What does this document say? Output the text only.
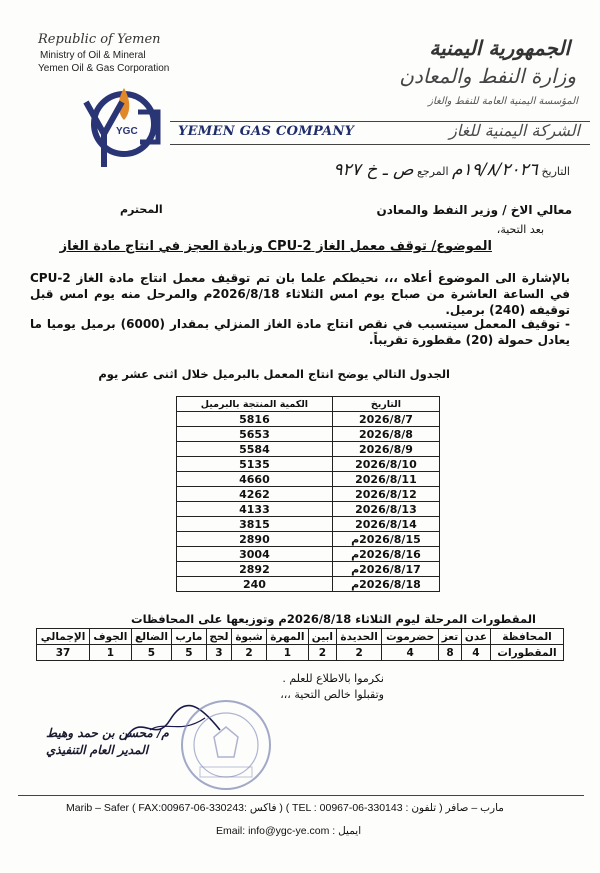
Republic of Yemen
Ministry of Oil & Mineral
Yemen Oil & Gas Corporation
YGC	YEMEN GAS COMPANY	الشركة اليمنية للغاز
الجمهورية اليمنية
وزارة النفط والمعادن
المؤسسة اليمنية العامة للنفط والغاز
التاريخ ١٩/٨/٢٠٢٦م المرجع ص ـ خ ٩٢٧
معالي الاخ / وزير النفط والمعادن
المحترم
بعد التحية،
الموضوع/ توقف معمل الغاز CPU-2 وزيادة العجز في انتاج مادة الغاز
بالإشارة الى الموضوع أعلاه ،،، نحيطكم علما بان تم توقيف معمل انتاج مادة الغاز CPU-2 في الساعة العاشرة من صباح يوم امس الثلاثاء 2026/8/18م والمرحل منه يوم امس قبل توقيفه (240) برميل.
- توقيف المعمل سيتسبب في نقص انتاج مادة الغاز المنزلي بمقدار (6000) برميل يوميا ما يعادل حمولة (20) مقطورة تقريباً.
الجدول التالي يوضح انتاج المعمل بالبرميل خلال اثنى عشر يوم
التاريخ	الكمية المنتجة بالبرميل
2026/8/7	5816
2026/8/8	5653
2026/8/9	5584
2026/8/10	5135
2026/8/11	4660
2026/8/12	4262
2026/8/13	4133
2026/8/14	3815
2026/8/15م	2890
2026/8/16م	3004
2026/8/17م	2892
2026/8/18م	240
المقطورات المرحلة ليوم الثلاثاء 2026/8/18م وتوزيعها على المحافظات
المحافظة	عدن	تعز	حضرموت	الحديدة	ابين	المهرة	شبوة	لحج	مارب	الضالع	الجوف	الإجمالي
المقطورات	4	8	4	2	2	1	2	3	5	5	1	37
نكرموا بالاطلاع للعلم .
وتقبلوا خالص التحية ،،،
م/ محسن بن حمد وهيط
المدير العام التنفيذي
Marib – Safer ( FAX:00967-06-330243: فاكس ) ( TEL : 00967-06-330143 : تلفون ) مارب – صافر
Email: info@ygc-ye.com : ايميل
